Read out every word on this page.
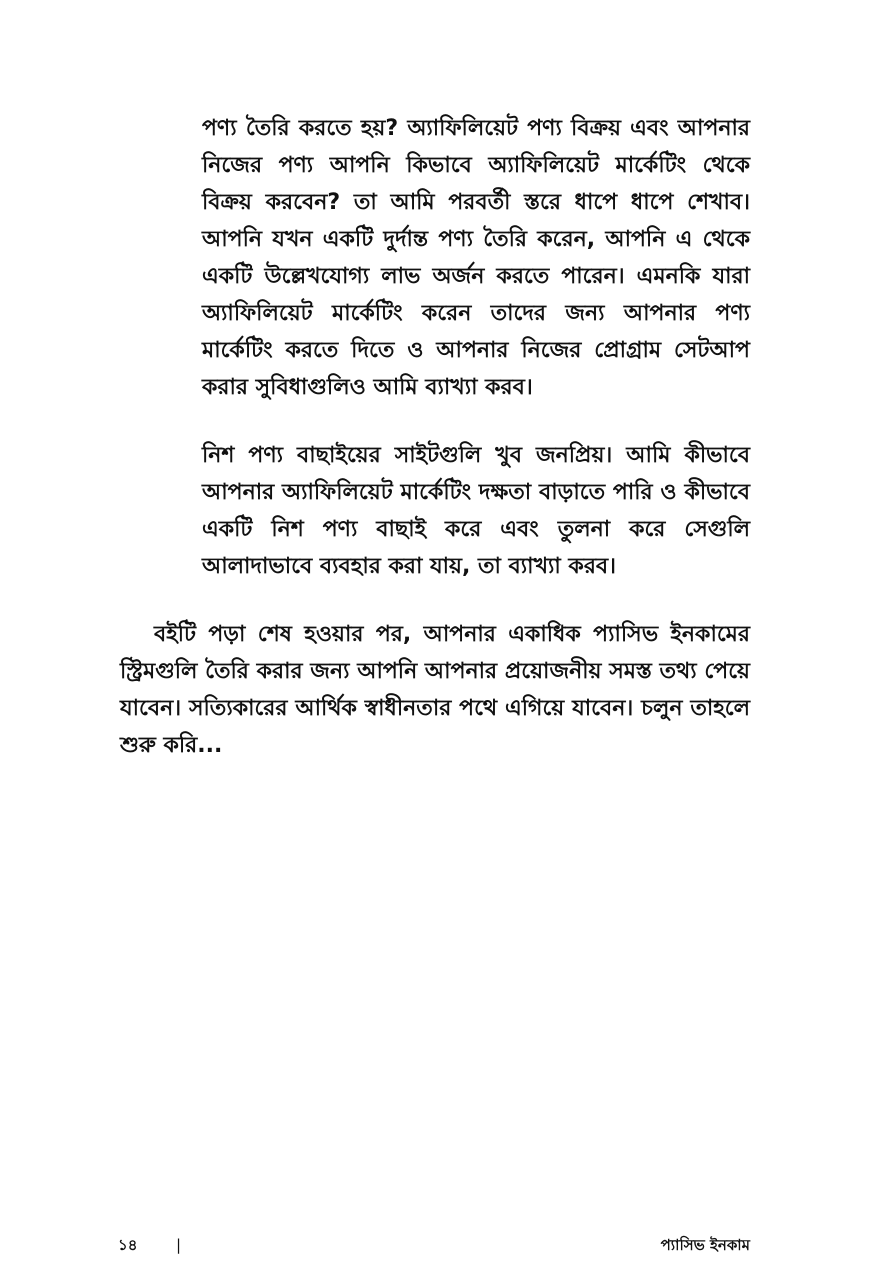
পণ্য তৈরি করতে হয়? অ্যাফিলিয়েট পণ্য বিক্রয় এবং আপনার নিজের পণ্য আপনি কিভাবে অ্যাফিলিয়েট মার্কেটিং থেকে বিক্রয় করবেন? তা আমি পরবর্তী স্তরে ধাপে ধাপে শেখাব। আপনি যখন একটি দুর্দান্ত পণ্য তৈরি করেন, আপনি এ থেকে একটি উল্লেখযোগ্য লাভ অর্জন করতে পারেন। এমনকি যারা অ্যাফিলিয়েট মার্কেটিং করেন তাদের জন্য আপনার পণ্য মার্কেটিং করতে দিতে ও আপনার নিজের প্রোগ্রাম সেটআপ করার সুবিধাগুলিও আমি ব্যাখ্যা করব।

নিশ পণ্য বাছাইয়ের সাইটগুলি খুব জনপ্রিয়। আমি কীভাবে আপনার অ্যাফিলিয়েট মার্কেটিং দক্ষতা বাড়াতে পারি ও কীভাবে একটি নিশ পণ্য বাছাই করে এবং তুলনা করে সেগুলি আলাদাভাবে ব্যবহার করা যায়, তা ব্যাখ্যা করব।

বইটি পড়া শেষ হওয়ার পর, আপনার একাধিক প্যাসিভ ইনকামের স্ট্রিমগুলি তৈরি করার জন্য আপনি আপনার প্রয়োজনীয় সমস্ত তথ্য পেয়ে যাবেন। সত্যিকারের আর্থিক স্বাধীনতার পথে এগিয়ে যাবেন। চলুন তাহলে শুরু করি...

১৪	|	প্যাসিভ ইনকাম
